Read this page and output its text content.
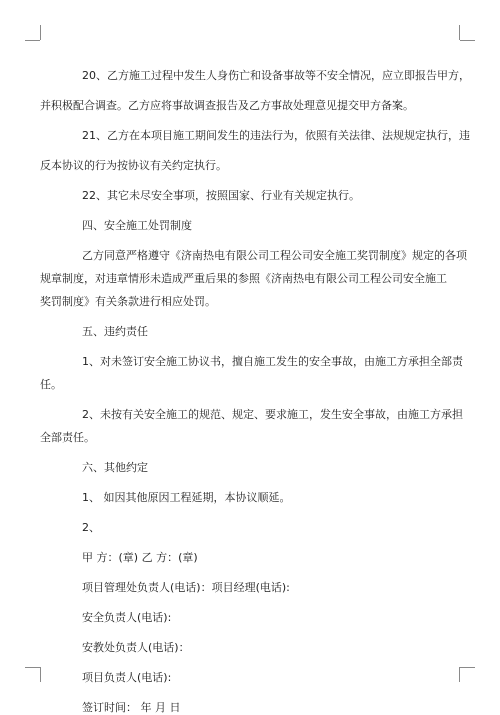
20、乙方施工过程中发生人身伤亡和设备事故等不安全情况，应立即报告甲方，
并积极配合调查。乙方应将事故调查报告及乙方事故处理意见提交甲方备案。
21、乙方在本项目施工期间发生的违法行为，依照有关法律、法规规定执行，违
反本协议的行为按协议有关约定执行。
22、其它未尽安全事项，按照国家、行业有关规定执行。
四、安全施工处罚制度
乙方同意严格遵守《济南热电有限公司工程公司安全施工奖罚制度》规定的各项
规章制度，对违章情形未造成严重后果的参照《济南热电有限公司工程公司安全施工
奖罚制度》有关条款进行相应处罚。
五、违约责任
1、对未签订安全施工协议书，擅自施工发生的安全事故，由施工方承担全部责
任。
2、未按有关安全施工的规范、规定、要求施工，发生安全事故，由施工方承担
全部责任。
六、其他约定
1、 如因其他原因工程延期，本协议顺延。
2、
甲 方：(章) 乙 方：(章)
项目管理处负责人(电话)：项目经理(电话):
安全负责人(电话):
安教处负责人(电话)：
项目负责人(电话):
签订时间： 年 月 日
